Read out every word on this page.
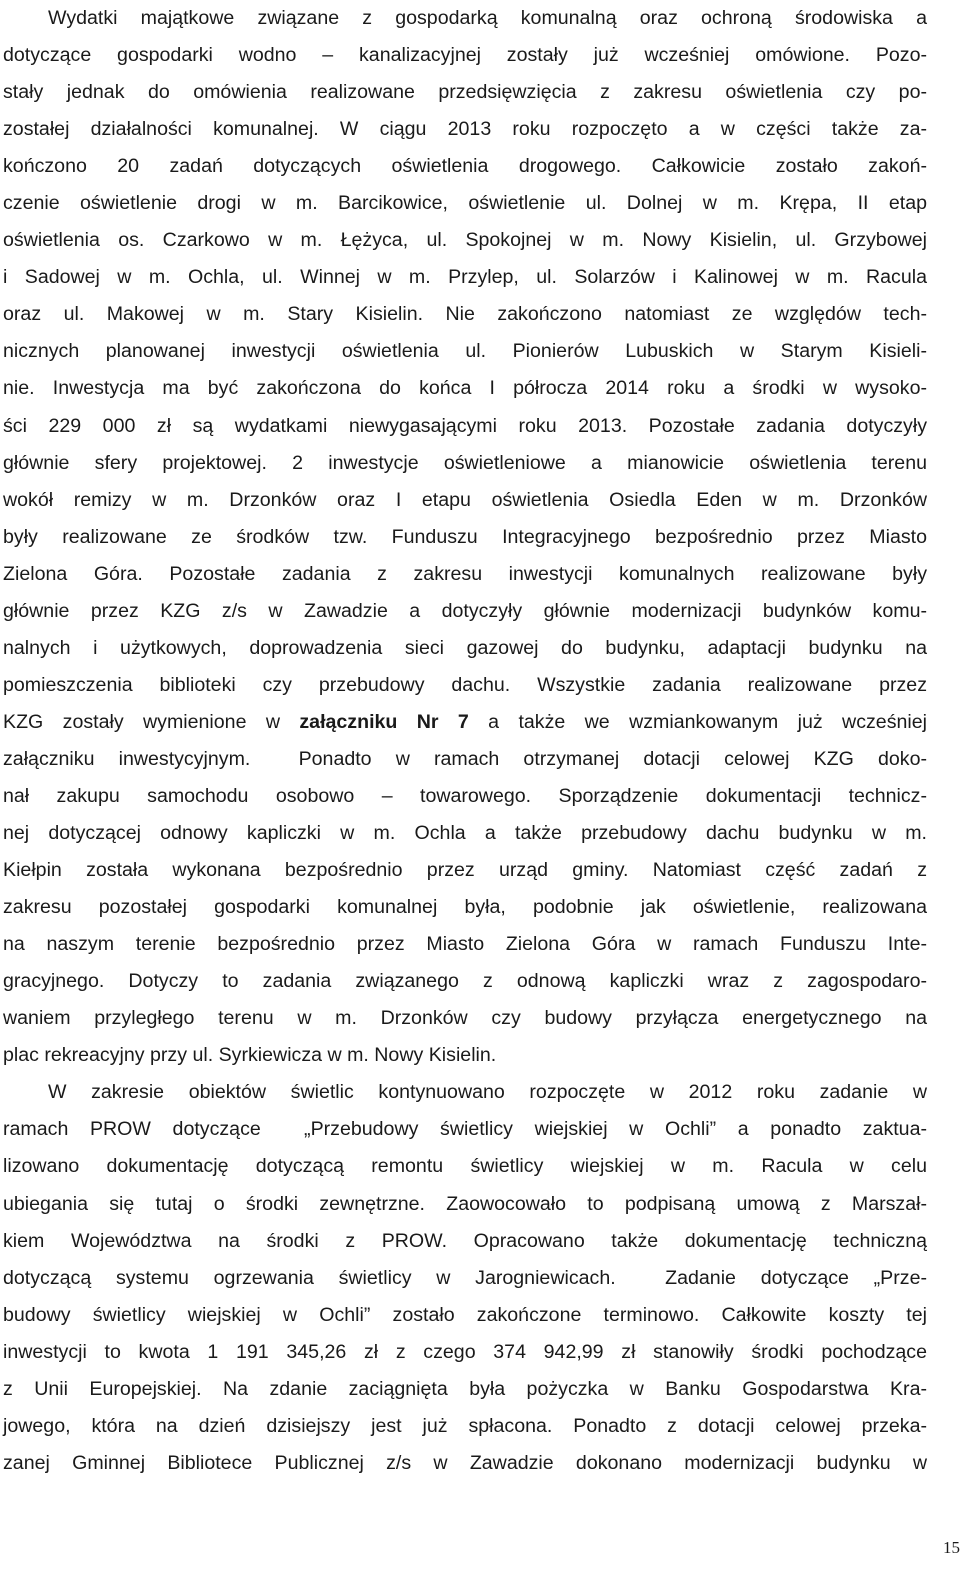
Wydatki majątkowe związane z gospodarką komunalną oraz ochroną środowiska a
dotyczące gospodarki wodno – kanalizacyjnej zostały już wcześniej omówione. Pozo-
stały jednak do omówienia realizowane przedsięwzięcia z zakresu oświetlenia czy po-
zostałej działalności komunalnej. W ciągu 2013 roku rozpoczęto a w części także za-
kończono 20 zadań dotyczących oświetlenia drogowego. Całkowicie zostało zakoń-
czenie oświetlenie drogi w m. Barcikowice, oświetlenie ul. Dolnej w m. Krępa, II etap
oświetlenia os. Czarkowo w m. Łężyca, ul. Spokojnej w m. Nowy Kisielin, ul. Grzybowej
i Sadowej w m. Ochla, ul. Winnej w m. Przylep, ul. Solarzów i Kalinowej w m. Racula
oraz ul. Makowej w m. Stary Kisielin. Nie zakończono natomiast ze względów tech-
nicznych planowanej inwestycji oświetlenia ul. Pionierów Lubuskich w Starym Kisieli-
nie. Inwestycja ma być zakończona do końca I półrocza 2014 roku a środki w wysoko-
ści 229 000 zł są wydatkami niewygasającymi roku 2013. Pozostałe zadania dotyczyły
głównie sfery projektowej. 2 inwestycje oświetleniowe a mianowicie oświetlenia terenu
wokół remizy w m. Drzonków oraz I etapu oświetlenia Osiedla Eden w m. Drzonków
były realizowane ze środków tzw. Funduszu Integracyjnego bezpośrednio przez Miasto
Zielona Góra. Pozostałe zadania z zakresu inwestycji komunalnych realizowane były
głównie przez KZG z/s w Zawadzie a dotyczyły głównie modernizacji budynków komu-
nalnych i użytkowych, doprowadzenia sieci gazowej do budynku, adaptacji budynku na
pomieszczenia biblioteki czy przebudowy dachu. Wszystkie zadania realizowane przez
KZG zostały wymienione w załączniku Nr 7 a także we wzmiankowanym już wcześniej
załączniku inwestycyjnym.  Ponadto w ramach otrzymanej dotacji celowej KZG doko-
nał zakupu samochodu osobowo – towarowego. Sporządzenie dokumentacji technicz-
nej dotyczącej odnowy kapliczki w m. Ochla a także przebudowy dachu budynku w m.
Kiełpin została wykonana bezpośrednio przez urząd gminy. Natomiast część zadań z
zakresu pozostałej gospodarki komunalnej była, podobnie jak oświetlenie, realizowana
na naszym terenie bezpośrednio przez Miasto Zielona Góra w ramach Funduszu Inte-
gracyjnego. Dotyczy to zadania związanego z odnową kapliczki wraz z zagospodaro-
waniem przyległego terenu w m. Drzonków czy budowy przyłącza energetycznego na
plac rekreacyjny przy ul. Syrkiewicza w m. Nowy Kisielin.
W zakresie obiektów świetlic kontynuowano rozpoczęte w 2012 roku zadanie w
ramach PROW dotyczące  „Przebudowy świetlicy wiejskiej w Ochli” a ponadto zaktua-
lizowano dokumentację dotyczącą remontu świetlicy wiejskiej w m. Racula w celu
ubiegania się tutaj o środki zewnętrzne. Zaowocowało to podpisaną umową z Marszał-
kiem Województwa na środki z PROW. Opracowano także dokumentację techniczną
dotyczącą systemu ogrzewania świetlicy w Jarogniewicach.  Zadanie dotyczące „Prze-
budowy świetlicy wiejskiej w Ochli” zostało zakończone terminowo. Całkowite koszty tej
inwestycji to kwota 1 191 345,26 zł z czego 374 942,99 zł stanowiły środki pochodzące
z Unii Europejskiej. Na zdanie zaciągnięta była pożyczka w Banku Gospodarstwa Kra-
jowego, która na dzień dzisiejszy jest już spłacona. Ponadto z dotacji celowej przeka-
zanej Gminnej Bibliotece Publicznej z/s w Zawadzie dokonano modernizacji budynku w
15
